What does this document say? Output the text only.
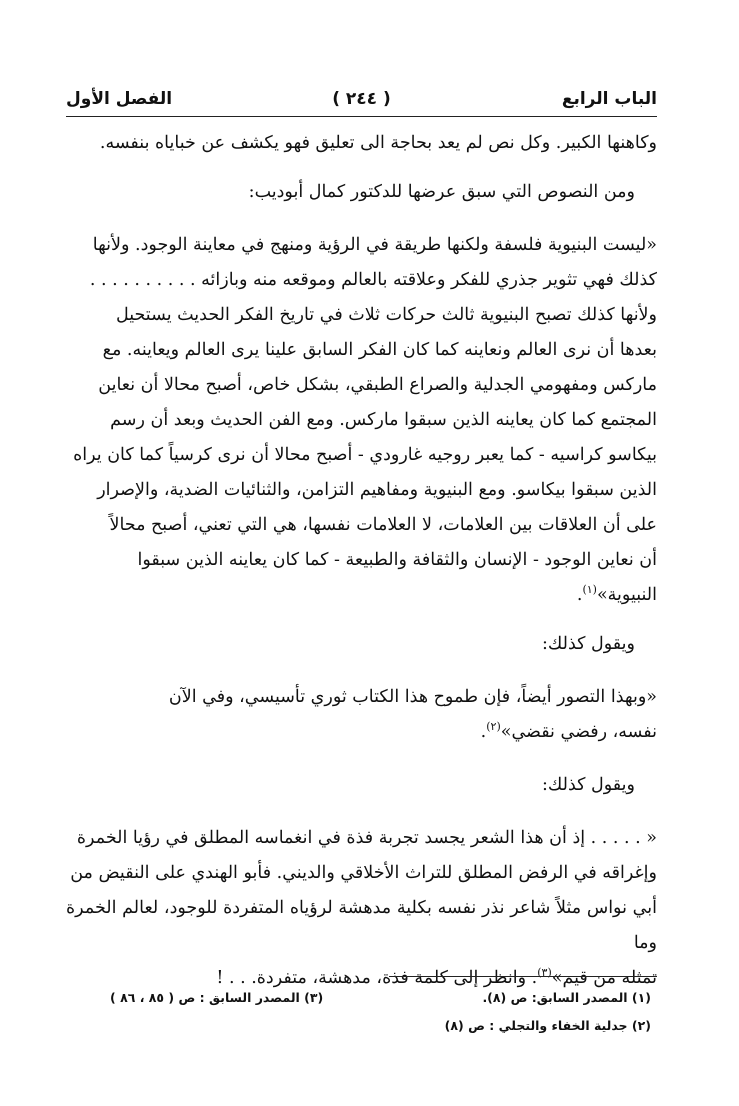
الباب الرابع
( ٢٤٤ )
الفصل الأول

وكاهنها الكبير. وكل نص لم يعد بحاجة الى تعليق فهو يكشف عن خباياه بنفسه.

ومن النصوص التي سبق عرضها للدكتور كمال أبوديب:

«ليست البنيوية فلسفة ولكنها طريقة في الرؤية ومنهج في معاينة الوجود. ولأنها

كذلك فهي تثوير جذري للفكر وعلاقته بالعالم وموقعه منه وبازائه . . . . . . . . . .

ولأنها كذلك تصبح البنيوية ثالث حركات ثلاث في تاريخ الفكر الحديث يستحيل

بعدها أن نرى العالم ونعاينه كما كان الفكر السابق علينا يرى العالم ويعاينه. مع

ماركس ومفهومي الجدلية والصراع الطبقي، بشكل خاص، أصبح محالا أن نعاين

المجتمع كما كان يعاينه الذين سبقوا ماركس. ومع الفن الحديث وبعد أن رسم

بيكاسو كراسيه - كما يعبر روجيه غارودي - أصبح محالا أن نرى كرسياً كما كان يراه

الذين سبقوا بيكاسو. ومع البنيوية ومفاهيم التزامن، والثنائيات الضدية، والإصرار

على أن العلاقات بين العلامات، لا العلامات نفسها، هي التي تعني، أصبح محالاً

أن نعاين الوجود - الإنسان والثقافة والطبيعة - كما كان يعاينه الذين سبقوا

النبيوية»$^{(١)}$.

ويقول كذلك:

«وبهذا التصور أيضاً، فإن طموح هذا الكتاب ثوري تأسيسي، وفي الآن

نفسه، رفضي نقضي»$^{(٢)}$.

ويقول كذلك:

« . . . . . إذ أن هذا الشعر يجسد تجربة فذة في انغماسه المطلق في رؤيا الخمرة

وإغراقه في الرفض المطلق للتراث الأخلاقي والديني. فأبو الهندي على النقيض من

أبي نواس مثلاً شاعر نذر نفسه بكلية مدهشة لرؤياه المتفردة للوجود، لعالم الخمرة وما

تمثله من قيم»$^{(٣)}$. وانظر إلى كلمة فذة، مدهشة، متفردة. . . !

(١) المصدر السابق: ص (٨).
(٣) المصدر السابق : ص ( ٨٥ ، ٨٦ )
(٢) جدلية الخفاء والتجلي : ص (٨)
